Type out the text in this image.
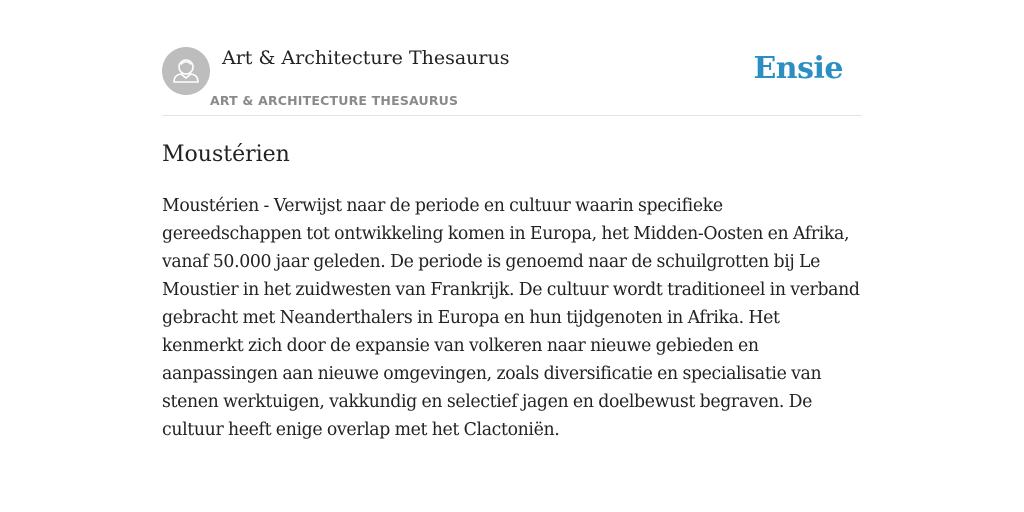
Art & Architecture Thesaurus
ART & ARCHITECTURE THESAURUS
Ensie
Moustérien

Moustérien - Verwijst naar de periode en cultuur waarin specifieke gereedschappen tot ontwikkeling komen in Europa, het Midden-Oosten en Afrika, vanaf 50.000 jaar geleden. De periode is genoemd naar de schuilgrotten bij Le Moustier in het zuidwesten van Frankrijk. De cultuur wordt traditioneel in verband gebracht met Neanderthalers in Europa en hun tijdgenoten in Afrika. Het kenmerkt zich door de expansie van volkeren naar nieuwe gebieden en aanpassingen aan nieuwe omgevingen, zoals diversificatie en specialisatie van stenen werktuigen, vakkundig en selectief jagen en doelbewust begraven. De cultuur heeft enige overlap met het Clactoniën.
